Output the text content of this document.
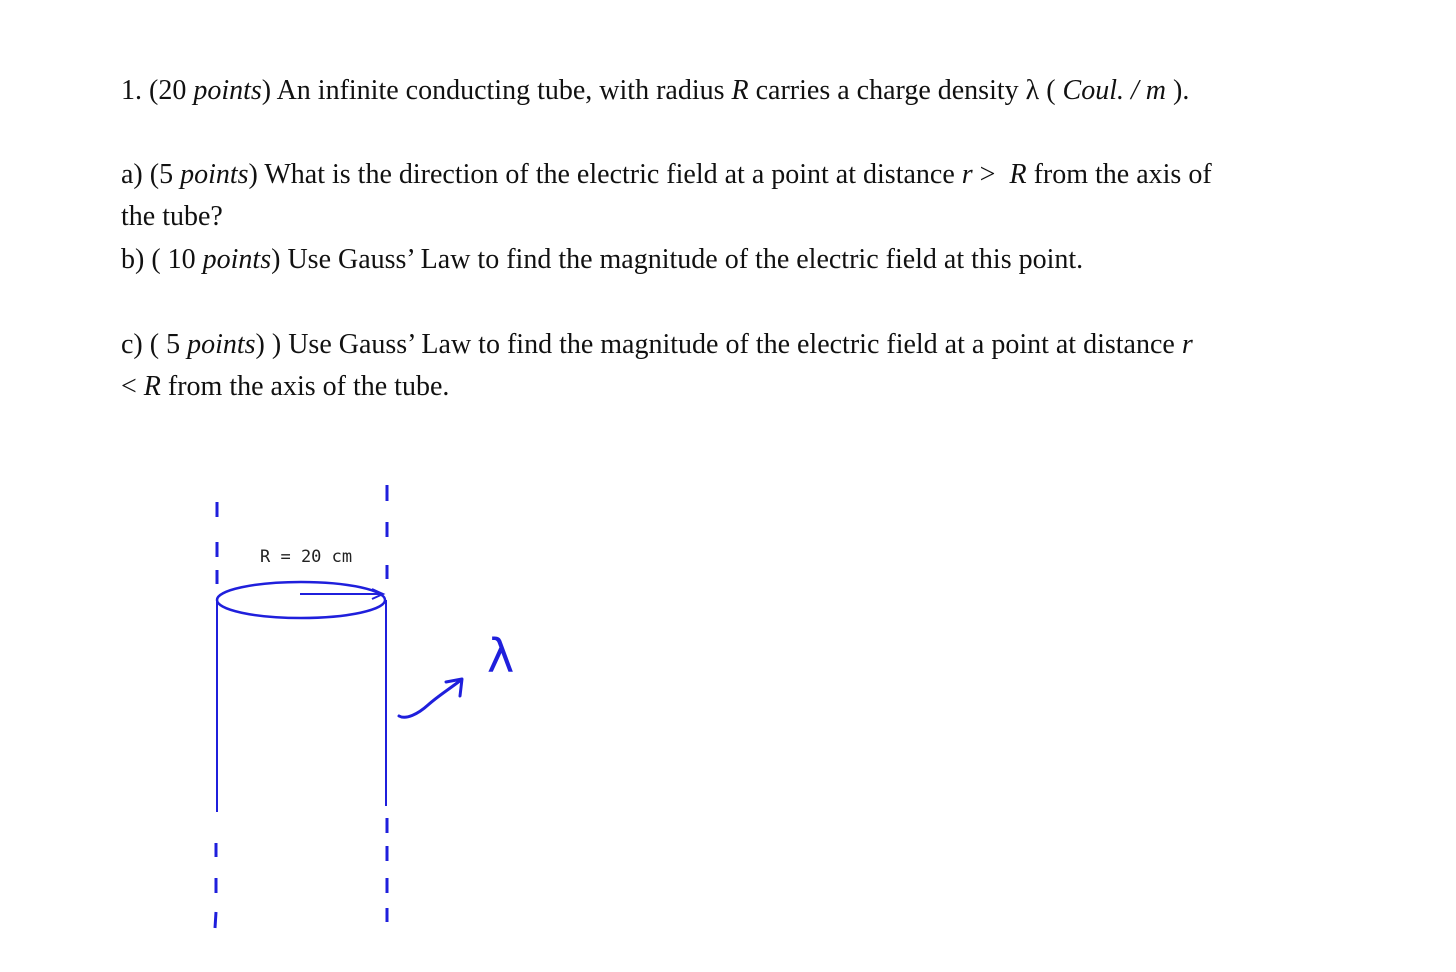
1. (20 points) An infinite conducting tube, with radius R carries a charge density λ ( Coul. / m ).
a) (5 points) What is the direction of the electric field at a point at distance r > R from the axis of
the tube?
b) ( 10 points) Use Gauss’ Law to find the magnitude of the electric field at this point.
c) ( 5 points) ) Use Gauss’ Law to find the magnitude of the electric field at a point at distance r
< R from the axis of the tube.
R = 20 cm
λ
